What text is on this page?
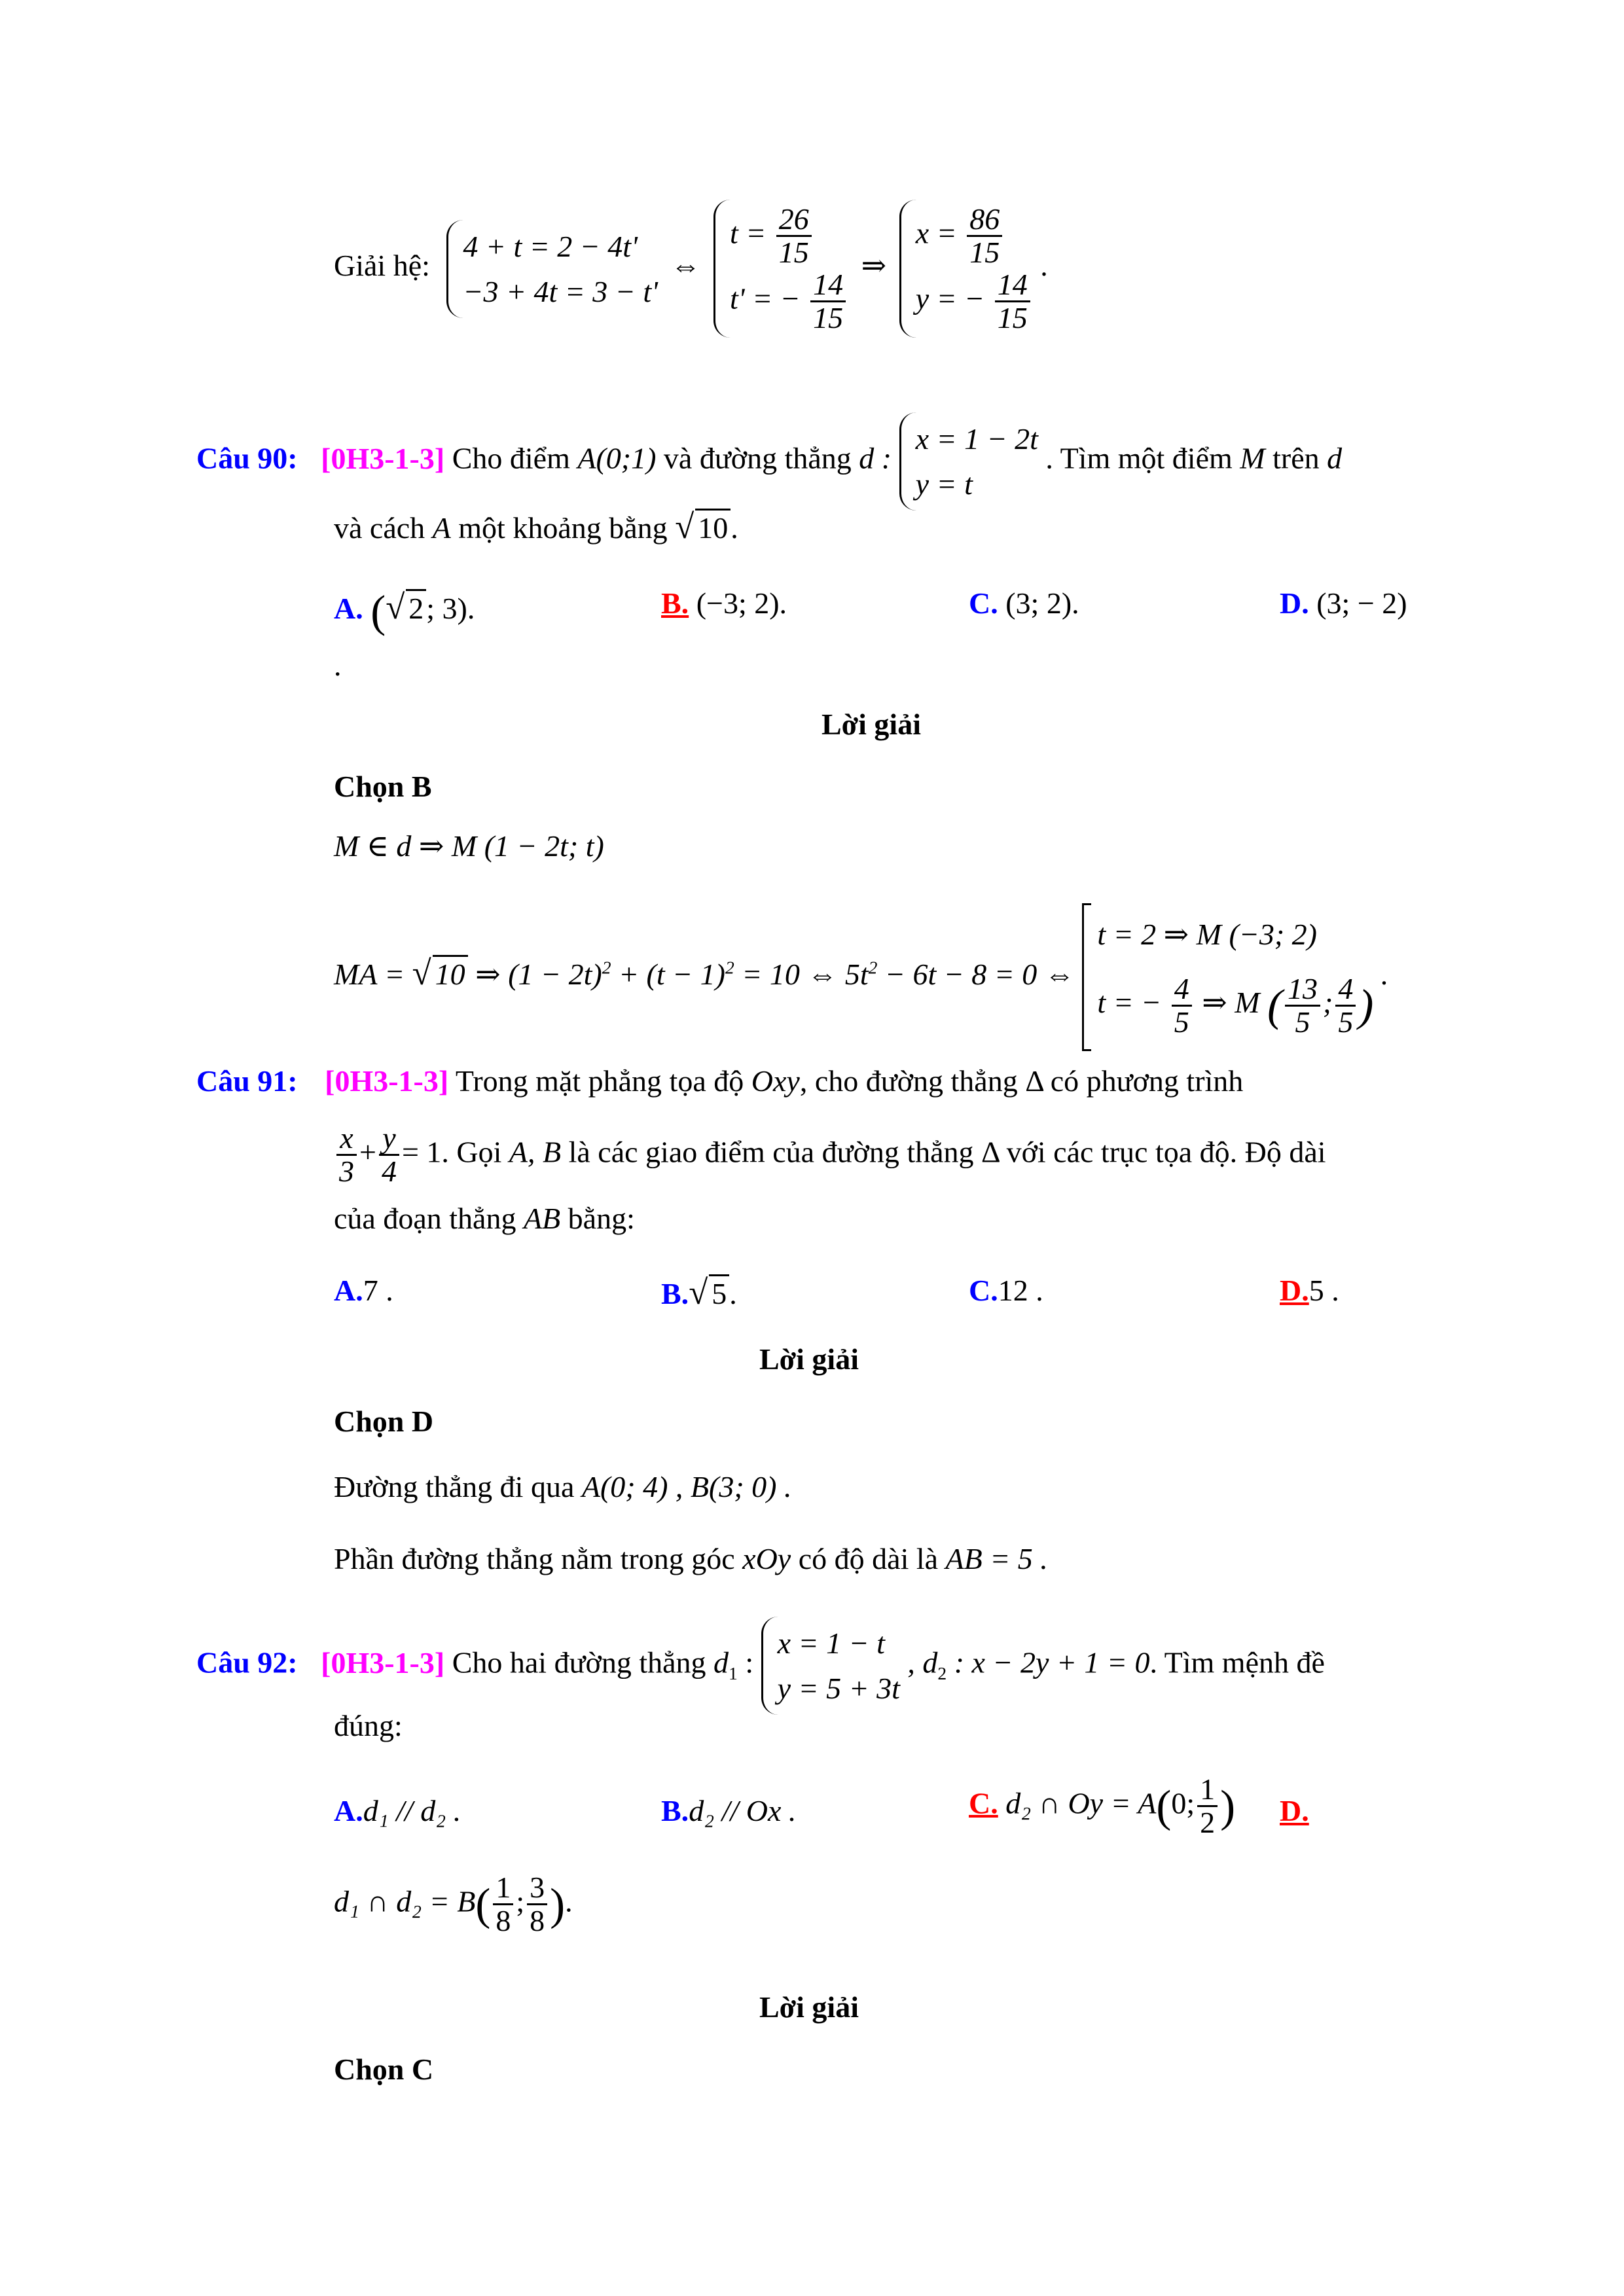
Giải hệ: 4 + t = 2 − 4t'
−3 + 4t = 3 − t' ⇔ $t = \frac{26}{15}$

t' = − $\frac{14}{15}$
⇒ $x = \frac{86}{15}$

y = − $\frac{14}{15}$
.
Câu 90: [0H3-1-3] Cho điểm A(0;1) và đường thẳng d : x = 1 − 2t
y = t . Tìm một điểm M trên d
và cách A một khoảng bằng √ 10.
A. (√ 2; 3).	B. (−3; 2).	C. (3; 2).	D. (3; − 2)
.
Lời giải
Chọn B
M ∈ d ⇒ M (1 − 2t; t)
MA = √ 10 ⇒ $(1 - 2t)^2 + (t - 1)^2 = 10$ ⇔ $5t^2 - 6t - 8 = 0$ ⇔ t = 2 ⇒ M (−3; 2)
t = − $\frac{4}{5}$ ⇒ M ( $\frac{13}{5}$ ; $\frac{4}{5}$ ) .
Câu 91: [0H3-1-3] Trong mặt phẳng tọa độ Oxy, cho đường thẳng Δ có phương trình
$\frac{x}{3} + \frac{y}{4} = 1$. Gọi A, B là các giao điểm của đường thẳng Δ với các trục tọa độ. Độ dài
của đoạn thẳng AB bằng:
A.7 .	B.√ 5.	C.12 .	D.5 .
Lời giải
Chọn D
Đường thẳng đi qua A(0; 4) , B(3; 0) .
Phần đường thẳng nằm trong góc xOy có độ dài là AB = 5 .
Câu 92: [0H3-1-3] Cho hai đường thẳng $d_1$ : x = 1 − t
y = 5 + 3t , $d_2$ : x − 2y + 1 = 0. Tìm mệnh đề
đúng:
A.d₁ // d₂ .	B.d₂ // Ox .	C. d₂ ∩ Oy = A(0; $\frac{1}{2}$ ) D.
d₁ ∩ $d_2 = B( \frac{1}{8}$ ; $\frac{3}{8}$ ).
Lời giải
Chọn C
